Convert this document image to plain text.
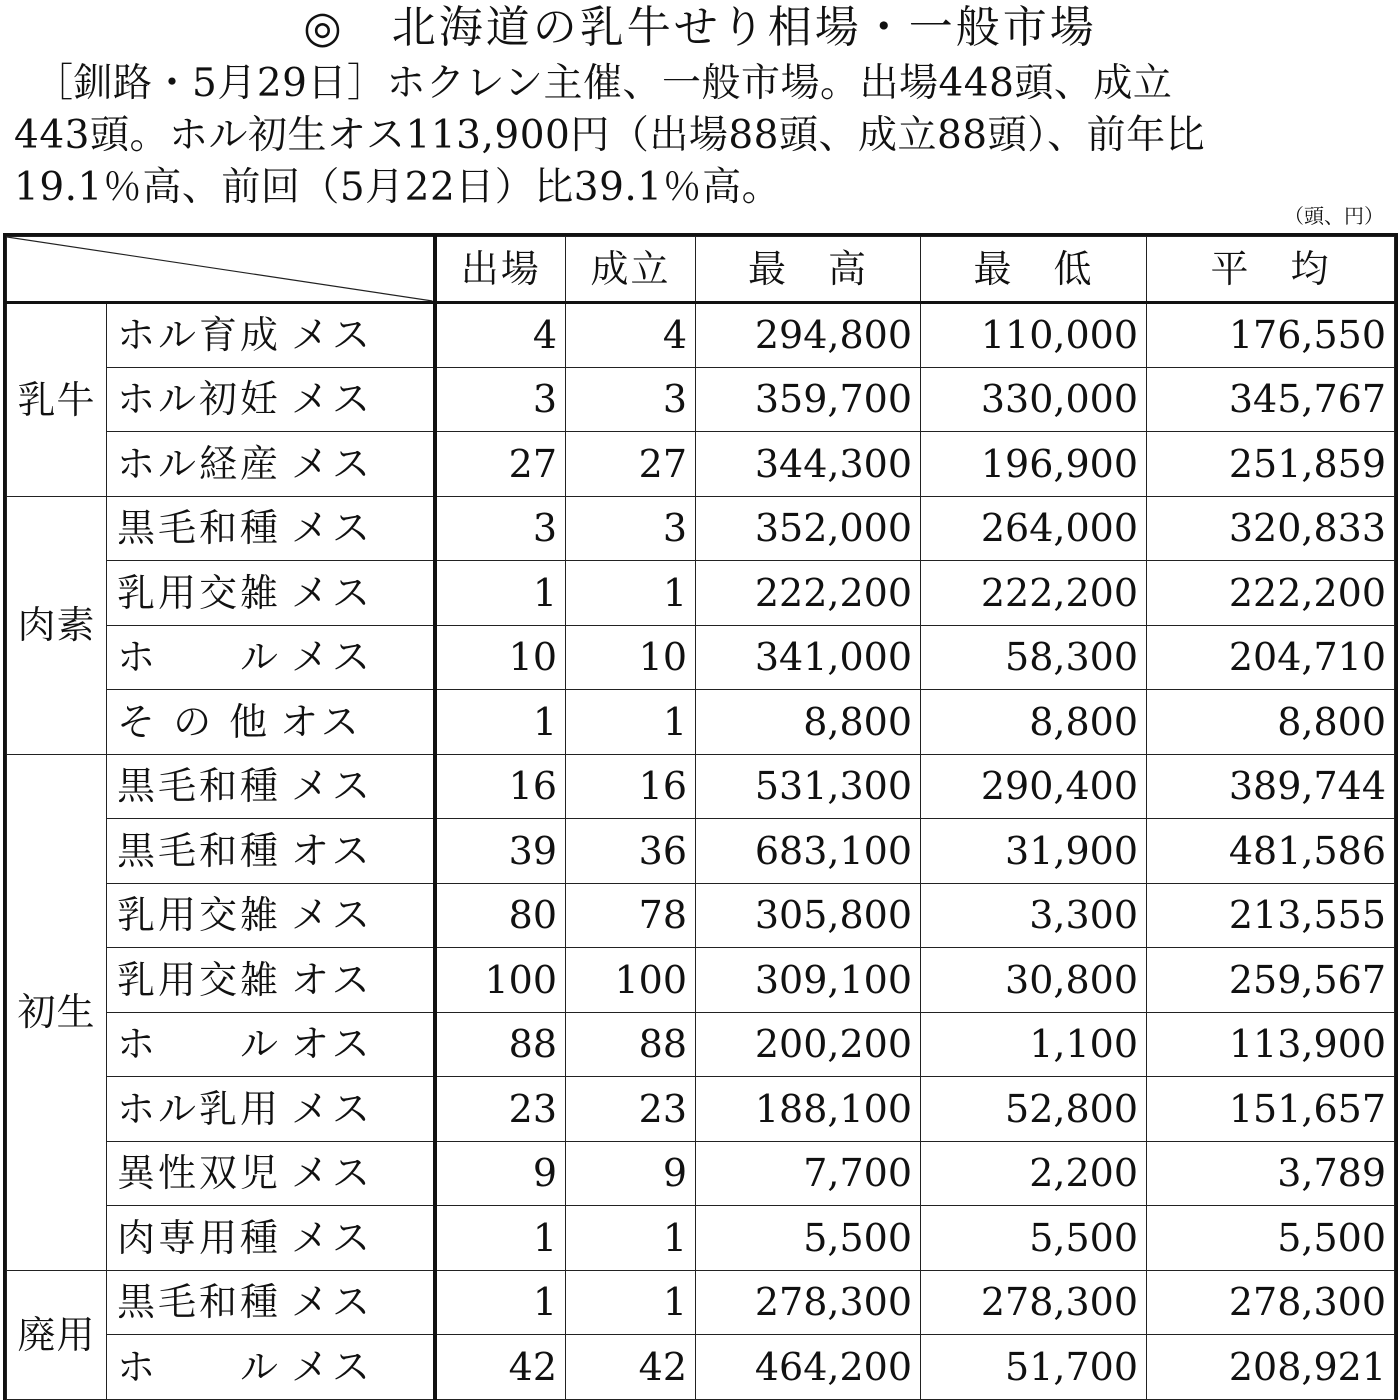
◎　北海道の乳牛せり相場・一般市場
　［釧路・5月29日］ホクレン主催、一般市場。出場448頭、成立
443頭。ホル初生オス113,900円（出場88頭、成立88頭）、前年比
19.1％高、前回（5月22日）比39.1％高。
（頭、円）
	出場	成立	最　高	最　低	平　均
乳牛	ホル育成 メス	4	4	294,800	110,000	176,550
	ホル初妊 メス	3	3	359,700	330,000	345,767
	ホル経産 メス	27	27	344,300	196,900	251,859
肉素	黒毛和種 メス	3	3	352,000	264,000	320,833
	乳用交雑 メス	1	1	222,200	222,200	222,200
	ホ　　ル メス	10	10	341,000	58,300	204,710
	そ の 他 オス	1	1	8,800	8,800	8,800
初生	黒毛和種 メス	16	16	531,300	290,400	389,744
	黒毛和種 オス	39	36	683,100	31,900	481,586
	乳用交雑 メス	80	78	305,800	3,300	213,555
	乳用交雑 オス	100	100	309,100	30,800	259,567
	ホ　　ル オス	88	88	200,200	1,100	113,900
	ホル乳用 メス	23	23	188,100	52,800	151,657
	異性双児 メス	9	9	7,700	2,200	3,789
	肉専用種 メス	1	1	5,500	5,500	5,500
廃用	黒毛和種 メス	1	1	278,300	278,300	278,300
	ホ　　ル メス	42	42	464,200	51,700	208,921
